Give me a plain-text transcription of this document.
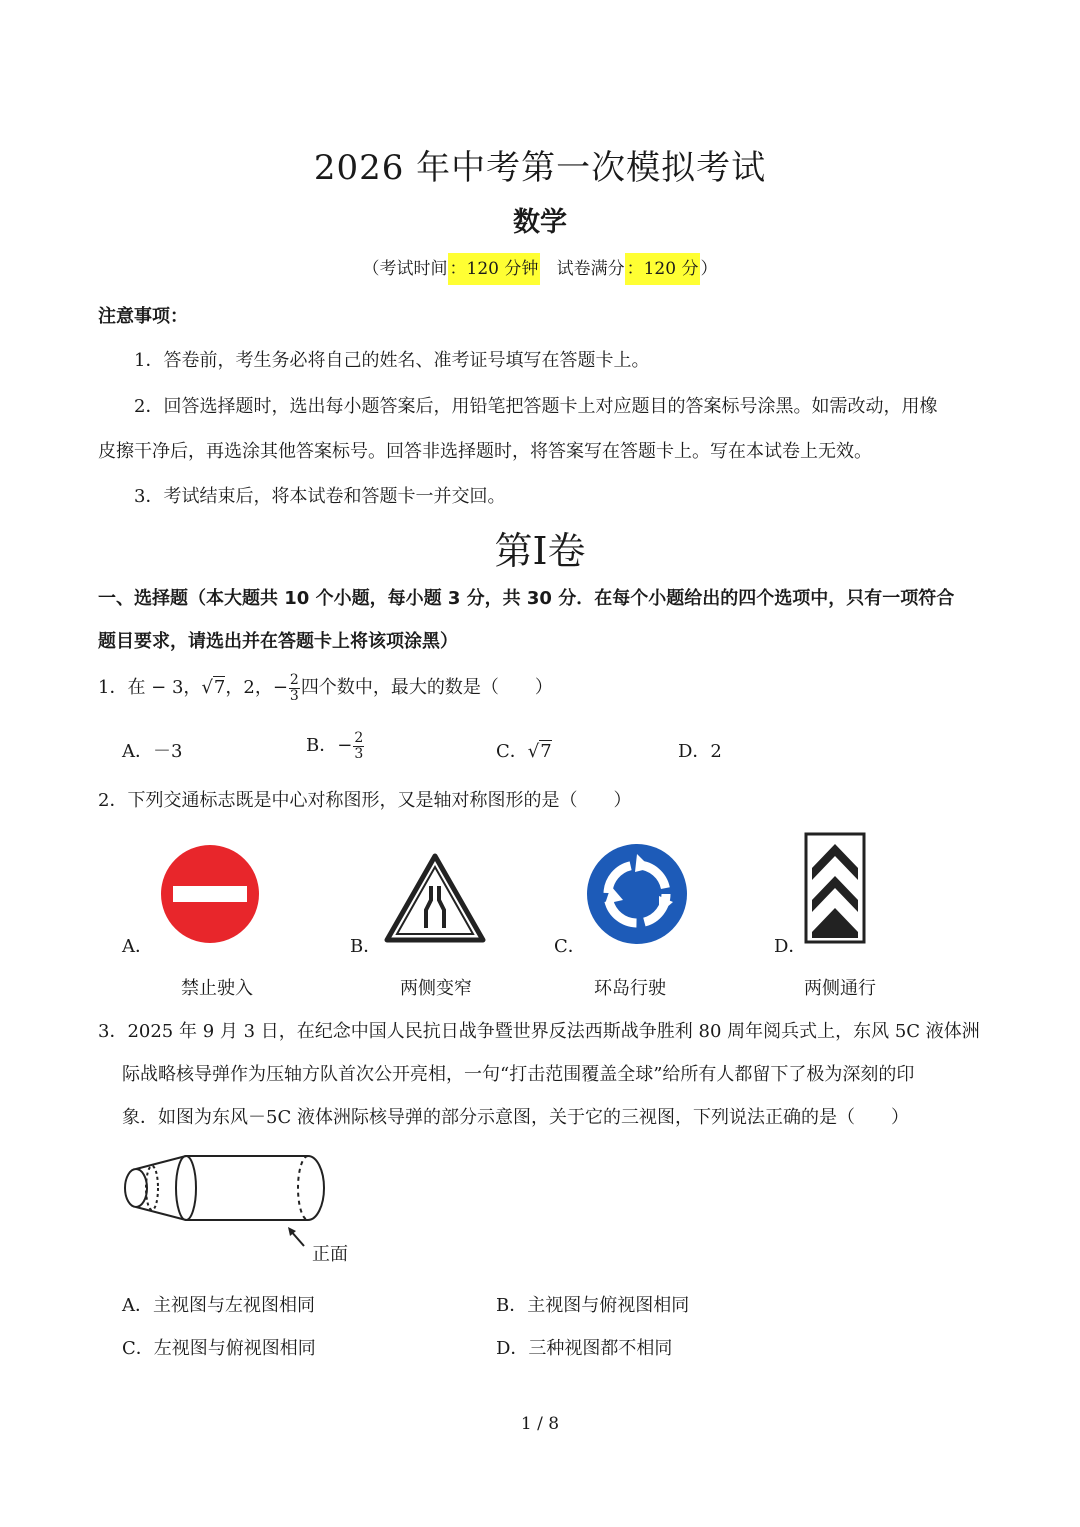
2026 年中考第一次模拟考试
数学
（考试时间 ：120 分钟   试卷满分 ：120 分 ）
注意事项：
1．答卷前，考生务必将自己的姓名、准考证号填写在答题卡上。
2．回答选择题时，选出每小题答案后，用铅笔把答题卡上对应题目的答案标号涂黑。如需改动，用橡
皮擦干净后，再选涂其他答案标号。回答非选择题时，将答案写在答题卡上。写在本试卷上无效。
3．考试结束后，将本试卷和答题卡一并交回。
第I卷
一、选择题（本大题共 10 个小题，每小题 3 分，共 30 分．在每个小题给出的四个选项中，只有一项符合
题目要求，请选出并在答题卡上将该项涂黑）
1．在 − 3，√7，2，− $\frac{2}{3}$ 四个数中，最大的数是（　　）
A．－3	B．− $\frac{2}{3}$	C．√7	D．2
2．下列交通标志既是中心对称图形，又是轴对称图形的是（　　）
A．	B．	C．	D．
禁止驶入	两侧变窄	环岛行驶	两侧通行
3．2025 年 9 月 3 日，在纪念中国人民抗日战争暨世界反法西斯战争胜利 80 周年阅兵式上，东风 5C 液体洲
际战略核导弹作为压轴方队首次公开亮相，一句“打击范围覆盖全球”给所有人都留下了极为深刻的印
象．如图为东风－5C 液体洲际核导弹的部分示意图，关于它的三视图，下列说法正确的是（　　）
正面
A．主视图与左视图相同	B．主视图与俯视图相同
C．左视图与俯视图相同	D．三种视图都不相同
1 / 8
